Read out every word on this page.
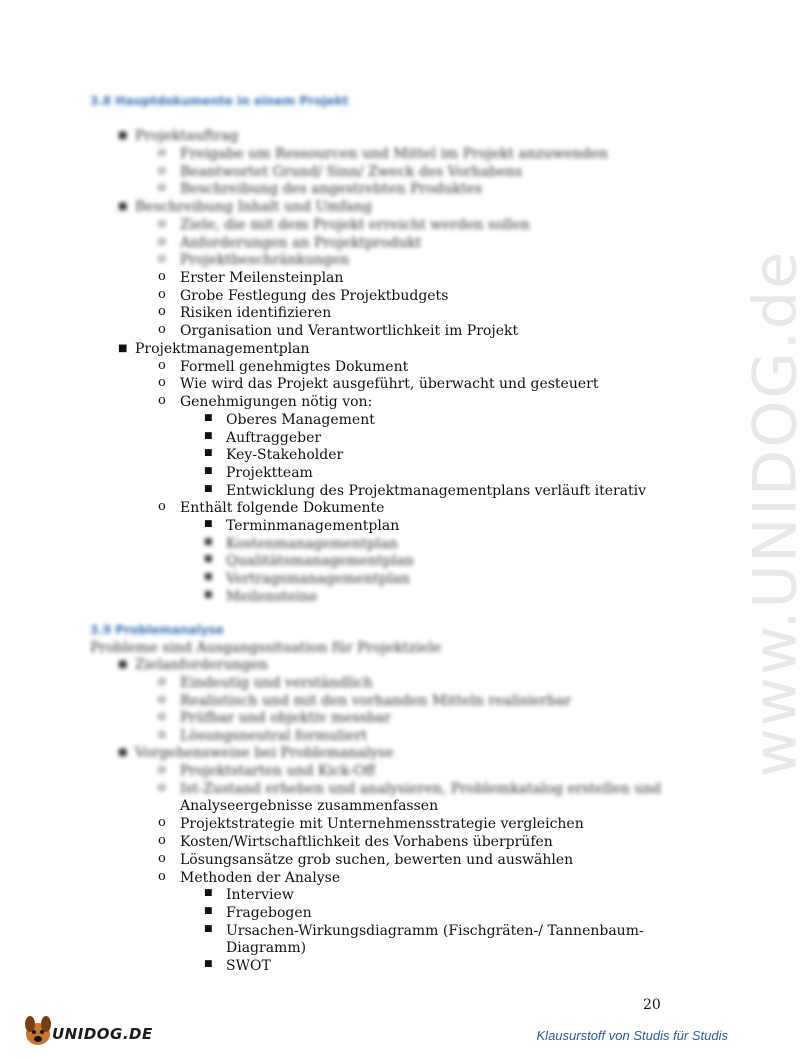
www.UNIDOG.de
3.8 Hauptdokumente in einem Projekt
■ Projektauftrag
o Freigabe um Ressourcen und Mittel im Projekt anzuwenden
o Beantwortet Grund/ Sinn/ Zweck des Vorhabens
o Beschreibung des angestrebten Produktes
■ Beschreibung Inhalt und Umfang
o Ziele, die mit dem Projekt erreicht werden sollen
o Anforderungen an Projektprodukt
o Projektbeschränkungen
o Erster Meilensteinplan
o Grobe Festlegung des Projektbudgets
o Risiken identifizieren
o Organisation und Verantwortlichkeit im Projekt
■ Projektmanagementplan
o Formell genehmigtes Dokument
o Wie wird das Projekt ausgeführt, überwacht und gesteuert
o Genehmigungen nötig von:
■ Oberes Management
■ Auftraggeber
■ Key-Stakeholder
■ Projektteam
■ Entwicklung des Projektmanagementplans verläuft iterativ
o Enthält folgende Dokumente
■ Terminmanagementplan
■ Kostenmanagementplan
■ Qualitätsmanagementplan
■ Vertragsmanagementplan
■ Meilensteine
3.9 Problemanalyse
Probleme sind Ausgangssituation für Projektziele
■ Zielanforderungen
o Eindeutig und verständlich
o Realistisch und mit den vorhanden Mitteln realisierbar
o Prüfbar und objektiv messbar
o Lösungsneutral formuliert
■ Vorgehensweise bei Problemanalyse
o Projektstarten und Kick-Off
o Ist-Zustand erheben und analysieren, Problemkatalog erstellen und
Analyseergebnisse zusammenfassen
o Projektstrategie mit Unternehmensstrategie vergleichen
o Kosten/Wirtschaftlichkeit des Vorhabens überprüfen
o Lösungsansätze grob suchen, bewerten und auswählen
o Methoden der Analyse
■ Interview
■ Fragebogen
■ Ursachen-Wirkungsdiagramm (Fischgräten-/ Tannenbaum-
Diagramm)
■ SWOT
20
UNIDOG.DE	Klausurstoff von Studis für Studis
